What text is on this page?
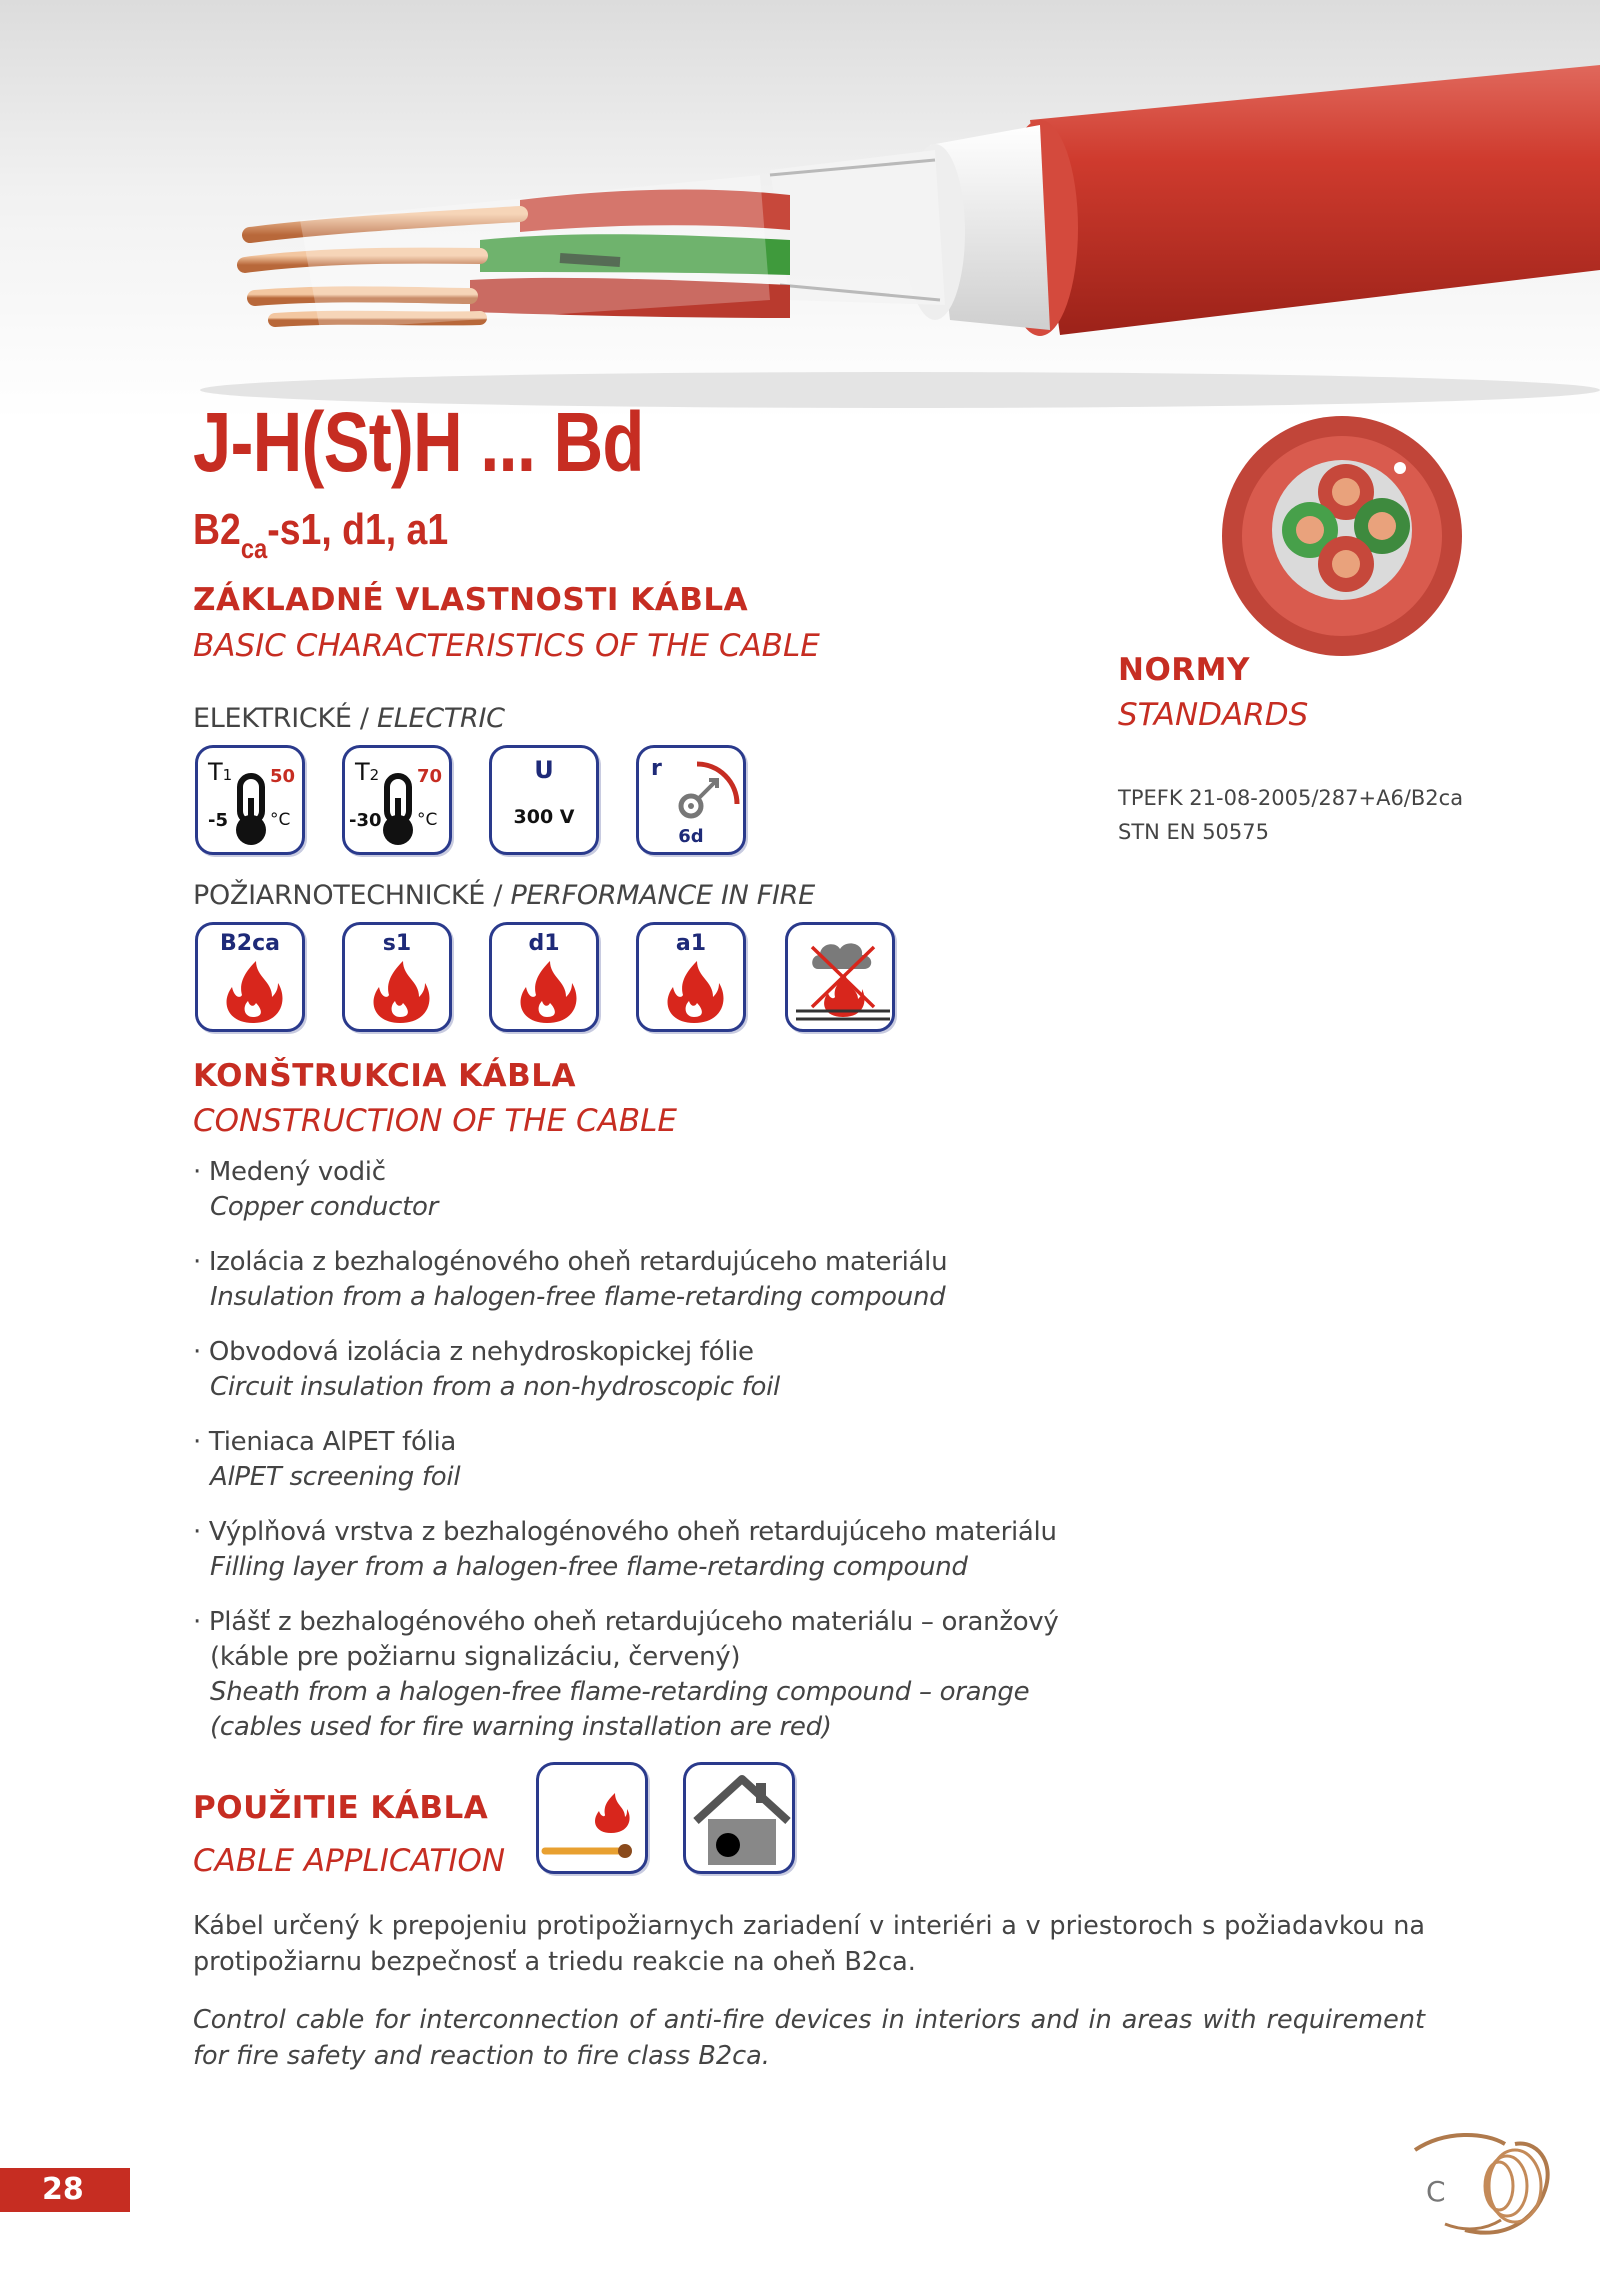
J-H(St)H ... Bd
$B2_{ca}-s1$, d1, a1
ZÁKLADNÉ VLASTNOSTI KÁBLA
BASIC CHARACTERISTICS OF THE CABLE
ELEKTRICKÉ / ELECTRIC
T1 50
-5 °C
T2 70
-30 °C
U
300 V
r
6d
POŽIARNOTECHNICKÉ / PERFORMANCE IN FIRE
B2ca	s1	d1	a1
KONŠTRUKCIA KÁBLA
CONSTRUCTION OF THE CABLE
· Medený vodič
Copper conductor
· Izolácia z bezhalogénového oheň retardujúceho materiálu
Insulation from a halogen-free flame-retarding compound
· Obvodová izolácia z nehydroskopickej fólie
Circuit insulation from a non-hydroscopic foil
· Tieniaca AlPET fólia
AlPET screening foil
· Výplňová vrstva z bezhalogénového oheň retardujúceho materiálu
Filling layer from a halogen-free flame-retarding compound
· Plášť z bezhalogénového oheň retardujúceho materiálu – oranžový
(káble pre požiarnu signalizáciu, červený)
Sheath from a halogen-free flame-retarding compound – orange
(cables used for fire warning installation are red)
NORMY
STANDARDS
TPEFK 21-08-2005/287+A6/B2ca
STN EN 50575
POUŽITIE KÁBLA
CABLE APPLICATION
Kábel určený k prepojeniu protipožiarnych zariadení v interiéri a v priestoroch s požiadavkou na protipožiarnu bezpečnosť a triedu reakcie na oheň B2ca.
Control cable for interconnection of anti-fire devices in interiors and in areas with requirement for fire safety and reaction to fire class B2ca.
28	C
